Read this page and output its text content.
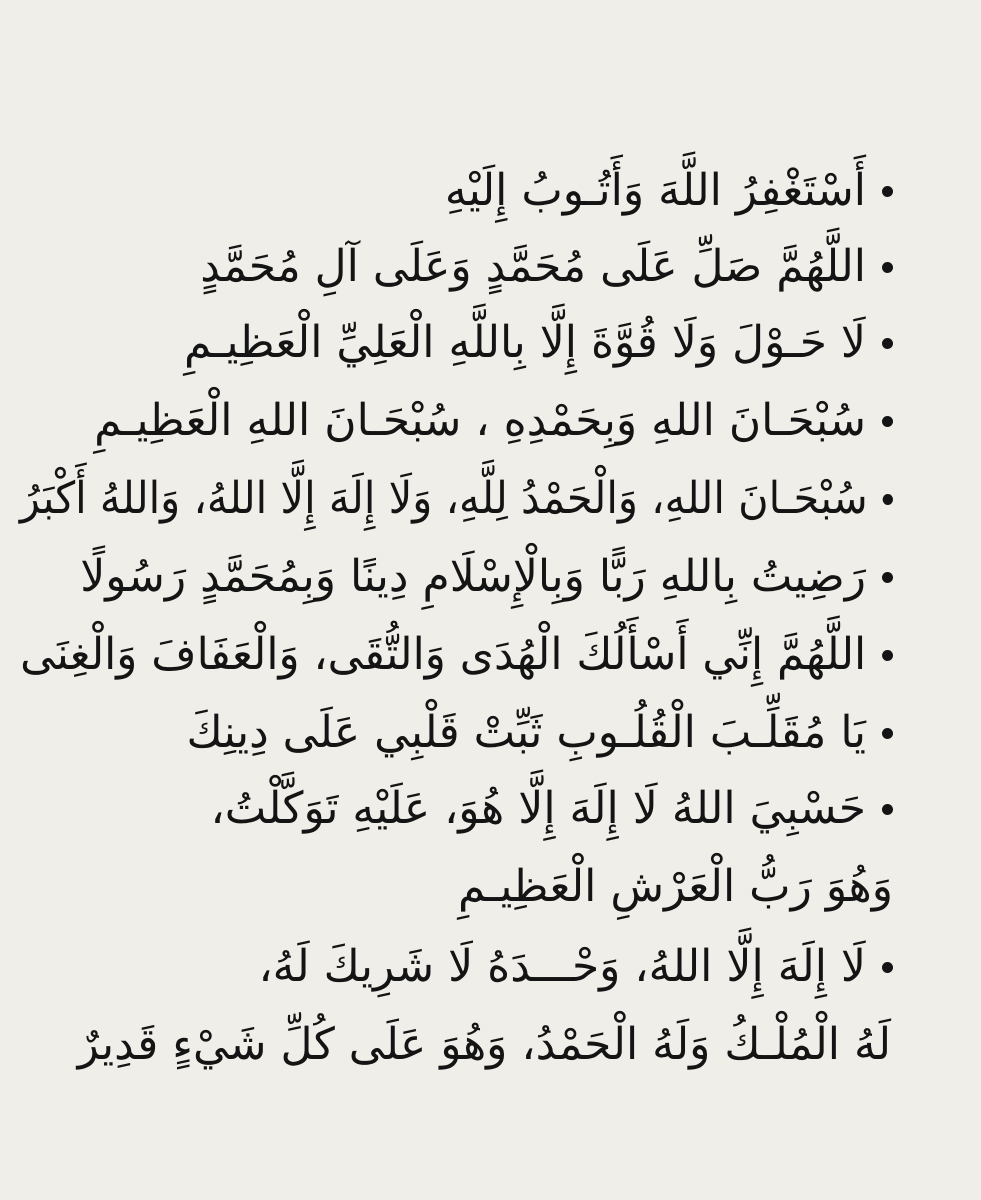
أَسْتَغْفِرُ اللَّهَ وَأَتُـوبُ إِلَيْهِ
اللَّهُمَّ صَلِّ عَلَى مُحَمَّدٍ وَعَلَى آلِ مُحَمَّدٍ
لَا حَـوْلَ وَلَا قُوَّةَ إِلَّا بِاللَّهِ الْعَلِيِّ الْعَظِيـمِ
سُبْحَـانَ اللهِ وَبِحَمْدِهِ ، سُبْحَـانَ اللهِ الْعَظِيـمِ
سُبْحَـانَ اللهِ، وَالْحَمْدُ لِلَّهِ، وَلَا إِلَهَ إِلَّا اللهُ، وَاللهُ أَكْبَرُ
رَضِيتُ بِاللهِ رَبًّا وَبِالْإِسْلَامِ دِينًا وَبِمُحَمَّدٍ رَسُولًا
اللَّهُمَّ إِنِّي أَسْأَلُكَ الْهُدَى وَالتُّقَى، وَالْعَفَافَ وَالْغِنَى
يَا مُقَلِّـبَ الْقُلُـوبِ ثَبِّتْ قَلْبِي عَلَى دِينِكَ
حَسْبِيَ اللهُ لَا إِلَهَ إِلَّا هُوَ، عَلَيْهِ تَوَكَّلْتُ،
وَهُوَ رَبُّ الْعَرْشِ الْعَظِيـمِ
لَا إِلَهَ إِلَّا اللهُ، وَحْـــدَهُ لَا شَرِيكَ لَهُ،
لَهُ الْمُلْـكُ وَلَهُ الْحَمْدُ، وَهُوَ عَلَى كُلِّ شَيْءٍ قَدِيرٌ
